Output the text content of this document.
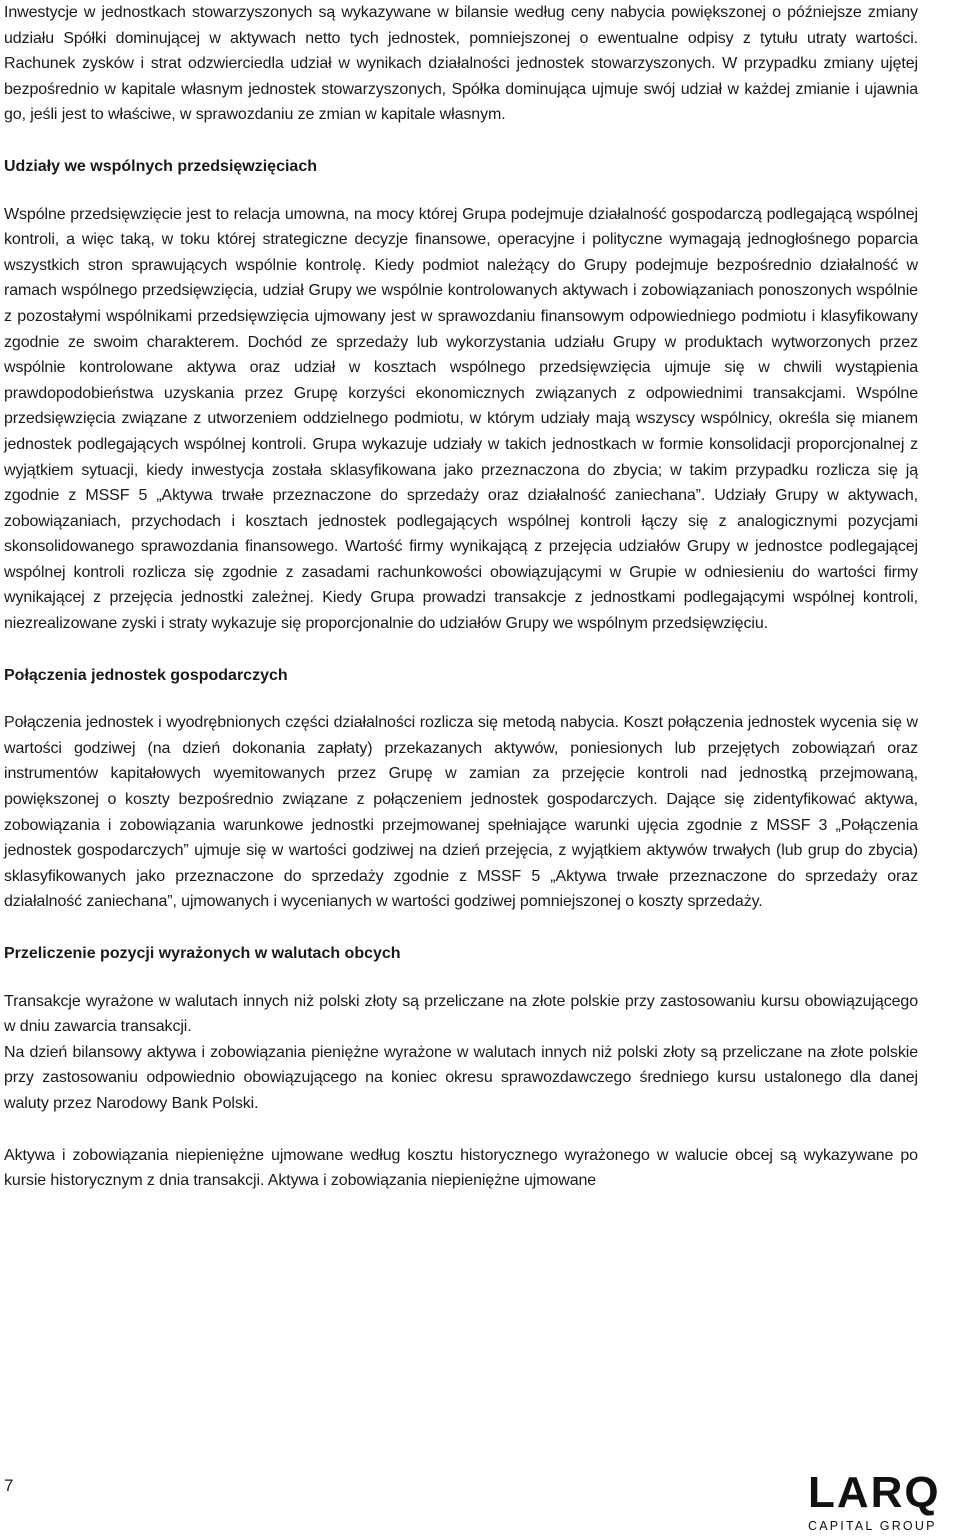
Inwestycje w jednostkach stowarzyszonych są wykazywane w bilansie według ceny nabycia powiększonej o późniejsze zmiany udziału Spółki dominującej w aktywach netto tych jednostek, pomniejszonej o ewentualne odpisy z tytułu utraty wartości. Rachunek zysków i strat odzwierciedla udział w wynikach działalności jednostek stowarzyszonych. W przypadku zmiany ujętej bezpośrednio w kapitale własnym jednostek stowarzyszonych, Spółka dominująca ujmuje swój udział w każdej zmianie i ujawnia go, jeśli jest to właściwe, w sprawozdaniu ze zmian w kapitale własnym.

Udziały we wspólnych przedsięwzięciach

Wspólne przedsięwzięcie jest to relacja umowna, na mocy której Grupa podejmuje działalność gospodarczą podlegającą wspólnej kontroli, a więc taką, w toku której strategiczne decyzje finansowe, operacyjne i polityczne wymagają jednogłośnego poparcia wszystkich stron sprawujących wspólnie kontrolę. Kiedy podmiot należący do Grupy podejmuje bezpośrednio działalność w ramach wspólnego przedsięwzięcia, udział Grupy we wspólnie kontrolowanych aktywach i zobowiązaniach ponoszonych wspólnie z pozostałymi wspólnikami przedsięwzięcia ujmowany jest w sprawozdaniu finansowym odpowiedniego podmiotu i klasyfikowany zgodnie ze swoim charakterem. Dochód ze sprzedaży lub wykorzystania udziału Grupy w produktach wytworzonych przez wspólnie kontrolowane aktywa oraz udział w kosztach wspólnego przedsięwzięcia ujmuje się w chwili wystąpienia prawdopodobieństwa uzyskania przez Grupę korzyści ekonomicznych związanych z odpowiednimi transakcjami. Wspólne przedsięwzięcia związane z utworzeniem oddzielnego podmiotu, w którym udziały mają wszyscy wspólnicy, określa się mianem jednostek podlegających wspólnej kontroli. Grupa wykazuje udziały w takich jednostkach w formie konsolidacji proporcjonalnej z wyjątkiem sytuacji, kiedy inwestycja została sklasyfikowana jako przeznaczona do zbycia; w takim przypadku rozlicza się ją zgodnie z MSSF 5 „Aktywa trwałe przeznaczone do sprzedaży oraz działalność zaniechana”. Udziały Grupy w aktywach, zobowiązaniach, przychodach i kosztach jednostek podlegających wspólnej kontroli łączy się z analogicznymi pozycjami skonsolidowanego sprawozdania finansowego. Wartość firmy wynikającą z przejęcia udziałów Grupy w jednostce podlegającej wspólnej kontroli rozlicza się zgodnie z zasadami rachunkowości obowiązującymi w Grupie w odniesieniu do wartości firmy wynikającej z przejęcia jednostki zależnej. Kiedy Grupa prowadzi transakcje z jednostkami podlegającymi wspólnej kontroli, niezrealizowane zyski i straty wykazuje się proporcjonalnie do udziałów Grupy we wspólnym przedsięwzięciu.

Połączenia jednostek gospodarczych

Połączenia jednostek i wyodrębnionych części działalności rozlicza się metodą nabycia. Koszt połączenia jednostek wycenia się w wartości godziwej (na dzień dokonania zapłaty) przekazanych aktywów, poniesionych lub przejętych zobowiązań oraz instrumentów kapitałowych wyemitowanych przez Grupę w zamian za przejęcie kontroli nad jednostką przejmowaną, powiększonej o koszty bezpośrednio związane z połączeniem jednostek gospodarczych. Dające się zidentyfikować aktywa, zobowiązania i zobowiązania warunkowe jednostki przejmowanej spełniające warunki ujęcia zgodnie z MSSF 3 „Połączenia jednostek gospodarczych” ujmuje się w wartości godziwej na dzień przejęcia, z wyjątkiem aktywów trwałych (lub grup do zbycia) sklasyfikowanych jako przeznaczone do sprzedaży zgodnie z MSSF 5 „Aktywa trwałe przeznaczone do sprzedaży oraz działalność zaniechana”, ujmowanych i wycenianych w wartości godziwej pomniejszonej o koszty sprzedaży.

Przeliczenie pozycji wyrażonych w walutach obcych

Transakcje wyrażone w walutach innych niż polski złoty są przeliczane na złote polskie przy zastosowaniu kursu obowiązującego w dniu zawarcia transakcji.

Na dzień bilansowy aktywa i zobowiązania pieniężne wyrażone w walutach innych niż polski złoty są przeliczane na złote polskie przy zastosowaniu odpowiednio obowiązującego na koniec okresu sprawozdawczego średniego kursu ustalonego dla danej waluty przez Narodowy Bank Polski.

Aktywa i zobowiązania niepieniężne ujmowane według kosztu historycznego wyrażonego w walucie obcej są wykazywane po kursie historycznym z dnia transakcji. Aktywa i zobowiązania niepieniężne ujmowane

7	LARQ
CAPITAL GROUP
